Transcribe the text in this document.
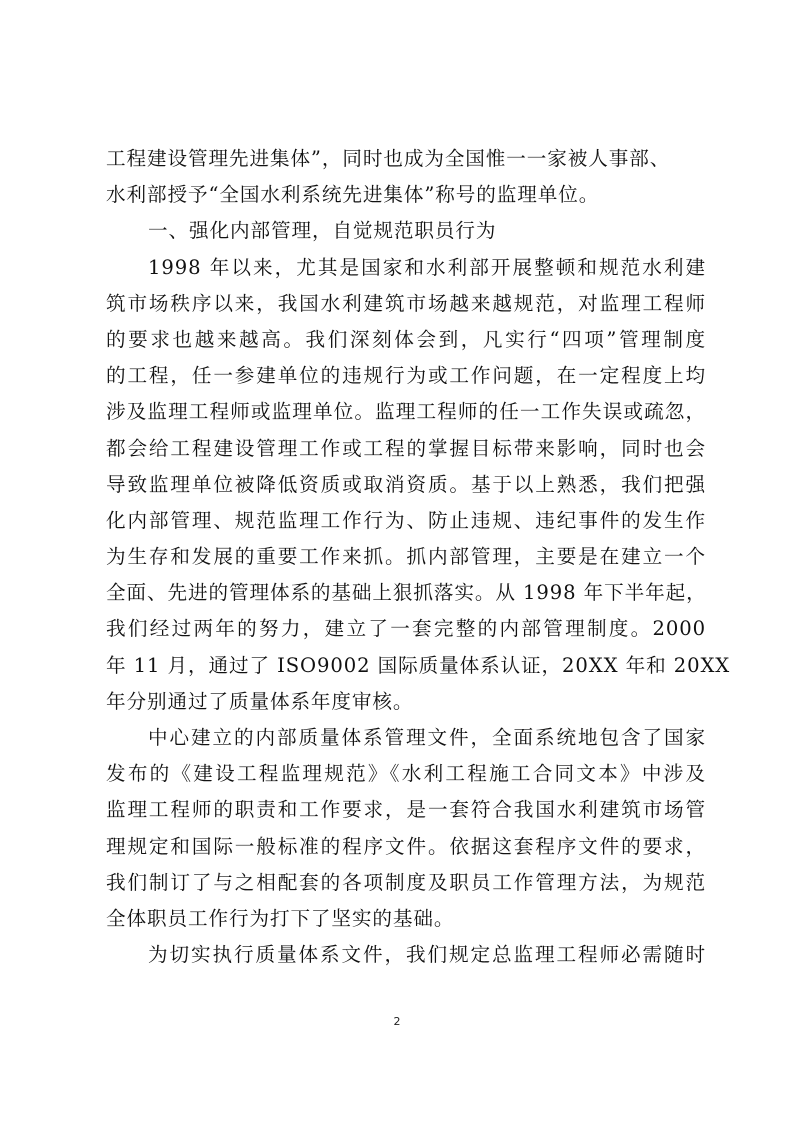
工程建设管理先进集体”，同时也成为全国惟一一家被人事部、
水利部授予“全国水利系统先进集体”称号的监理单位。
一、强化内部管理，自觉规范职员行为
1998 年以来，尤其是国家和水利部开展整顿和规范水利建
筑市场秩序以来，我国水利建筑市场越来越规范，对监理工程师
的要求也越来越高。我们深刻体会到，凡实行“四项”管理制度
的工程，任一参建单位的违规行为或工作问题，在一定程度上均
涉及监理工程师或监理单位。监理工程师的任一工作失误或疏忽，
都会给工程建设管理工作或工程的掌握目标带来影响，同时也会
导致监理单位被降低资质或取消资质。基于以上熟悉，我们把强
化内部管理、规范监理工作行为、防止违规、违纪事件的发生作
为生存和发展的重要工作来抓。抓内部管理，主要是在建立一个
全面、先进的管理体系的基础上狠抓落实。从 1998 年下半年起，
我们经过两年的努力，建立了一套完整的内部管理制度。2000
年 11 月，通过了 ISO9002 国际质量体系认证，20XX 年和 20XX
年分别通过了质量体系年度审核。
中心建立的内部质量体系管理文件，全面系统地包含了国家
发布的《建设工程监理规范》《水利工程施工合同文本》中涉及
监理工程师的职责和工作要求，是一套符合我国水利建筑市场管
理规定和国际一般标准的程序文件。依据这套程序文件的要求，
我们制订了与之相配套的各项制度及职员工作管理方法，为规范
全体职员工作行为打下了坚实的基础。
为切实执行质量体系文件，我们规定总监理工程师必需随时
2
